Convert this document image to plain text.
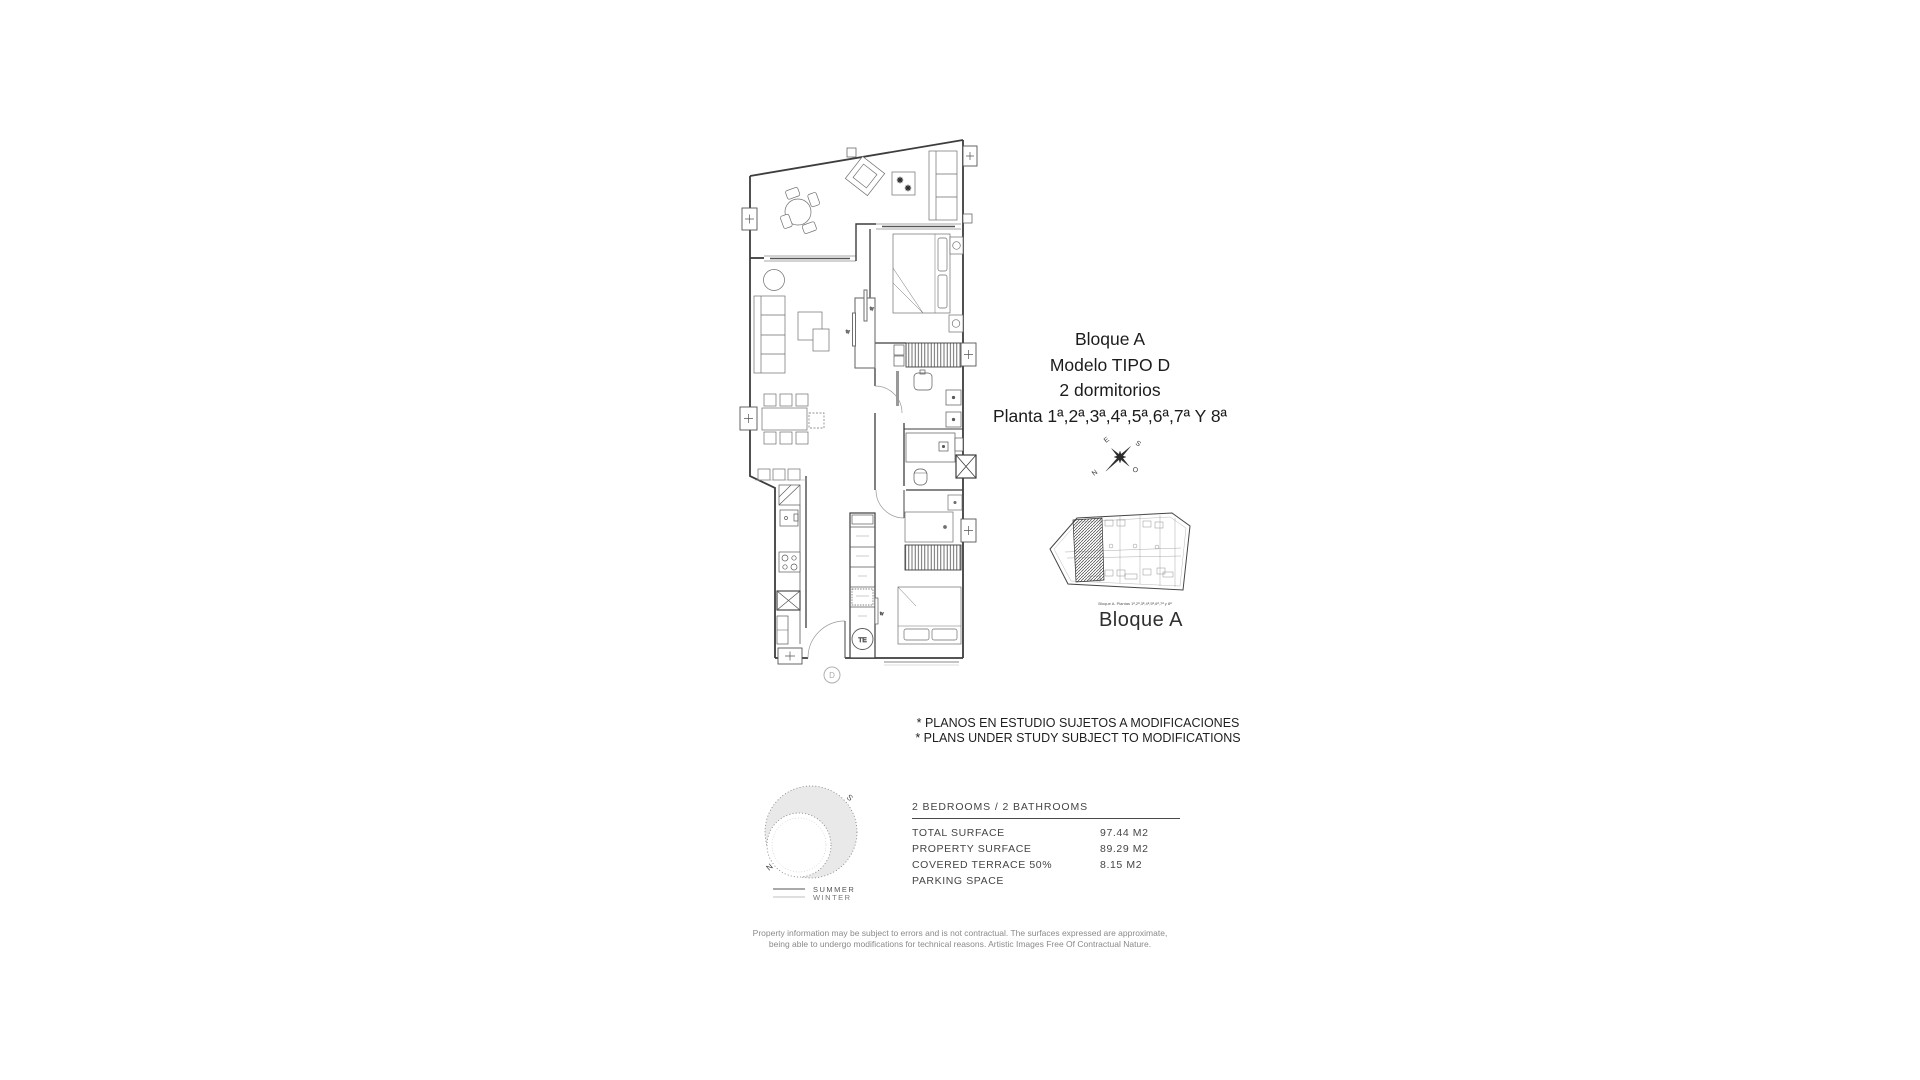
tv
tv
TE
tv
D
Bloque A
Modelo TIPO D
2 dormitorios
Planta 1ª,2ª,3ª,4ª,5ª,6ª,7ª Y 8ª
E	S
O
N
Bloque A. Plantas 1ª,2ª,3ª,4ª,5ª,6ª,7ª y 8ª
Bloque A
* PLANOS EN ESTUDIO SUJETOS A MODIFICACIONES
* PLANS UNDER STUDY SUBJECT TO MODIFICATIONS
S
N
SUMMER
WINTER
2 BEDROOMS / 2 BATHROOMS
TOTAL SURFACE	97.44 M2
PROPERTY SURFACE	89.29 M2
COVERED TERRACE 50%	8.15 M2
PARKING SPACE
Property information may be subject to errors and is not contractual. The surfaces expressed are approximate,
being able to undergo modifications for technical reasons. Artistic Images Free Of Contractual Nature.
